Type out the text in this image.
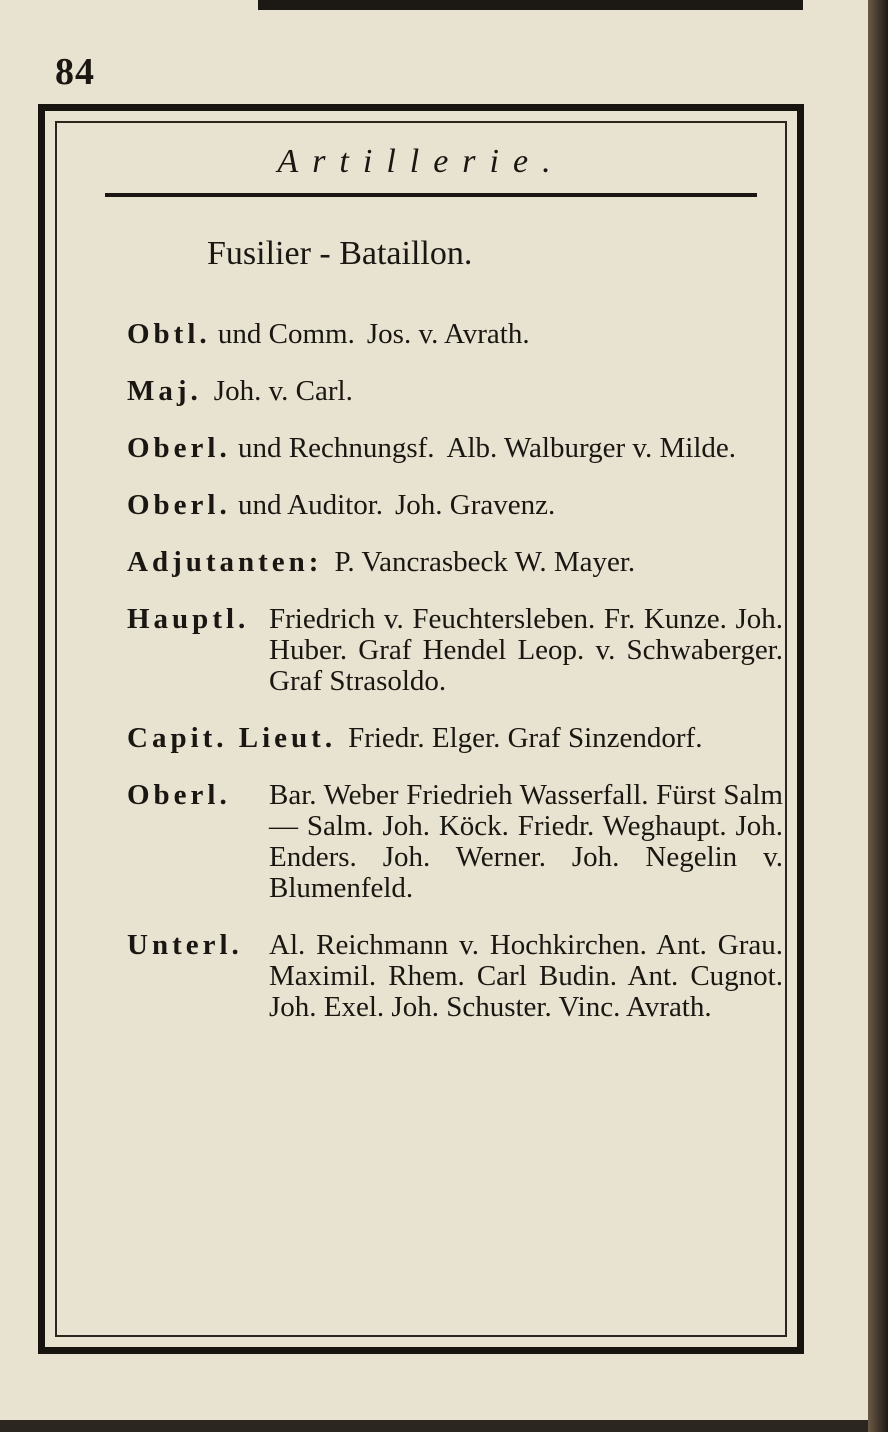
84
Artillerie.
Fusilier - Bataillon.
Obtl. und Comm. Jos. v. Avrath.
Maj. Joh. v. Carl.
Oberl. und Rechnungsf. Alb. Walburger v. Milde.
Oberl. und Auditor. Joh. Gravenz.
Adjutanten: P. Vancrasbeck W. Mayer.
Hauptl. Friedrich v. Feuchtersleben. Fr. Kunze. Joh. Huber. Graf Hendel Leop. v. Schwaberger. Graf Strasoldo.
Capit. Lieut. Friedr. Elger. Graf Sinzendorf.
Oberl.	Bar. Weber Friedrieh Wasserfall. Fürst Salm — Salm. Joh. Köck. Friedr. Weghaupt. Joh. Enders. Joh. Werner. Joh. Negelin v. Blumenfeld.
Unterl. Al. Reichmann v. Hochkirchen. Ant. Grau. Maximil. Rhem. Carl Budin. Ant. Cugnot. Joh. Exel. Joh. Schuster. Vinc. Avrath.
